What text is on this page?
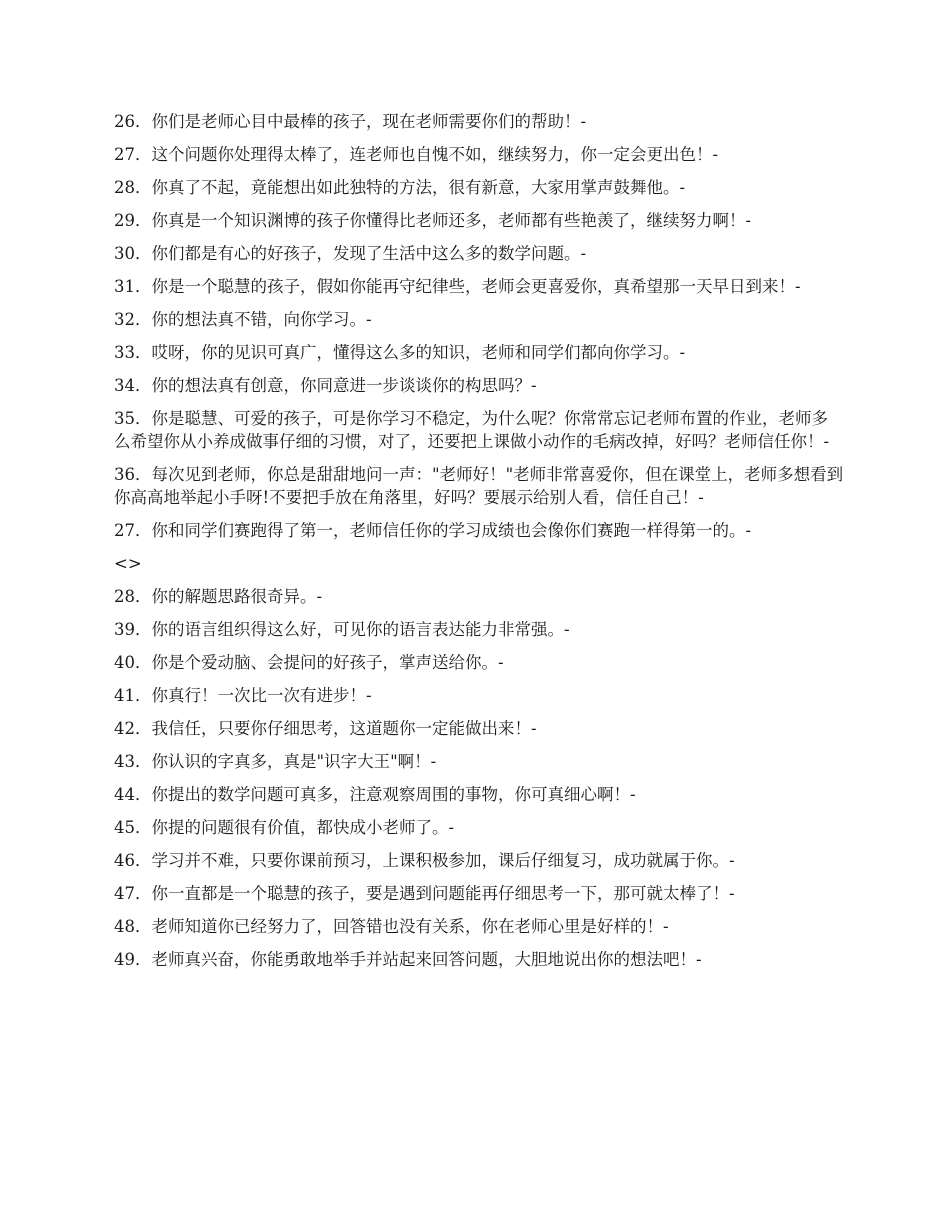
26．你们是老师心目中最棒的孩子，现在老师需要你们的帮助！-

27．这个问题你处理得太棒了，连老师也自愧不如，继续努力，你一定会更出色！-

28．你真了不起，竟能想出如此独特的方法，很有新意，大家用掌声鼓舞他。-

29．你真是一个知识渊博的孩子你懂得比老师还多，老师都有些艳羡了，继续努力啊！-

30．你们都是有心的好孩子，发现了生活中这么多的数学问题。-

31．你是一个聪慧的孩子，假如你能再守纪律些，老师会更喜爱你，真希望那一天早日到来！-

32．你的想法真不错，向你学习。-

33．哎呀，你的见识可真广，懂得这么多的知识，老师和同学们都向你学习。-

34．你的想法真有创意，你同意进一步谈谈你的构思吗？-

35．你是聪慧、可爱的孩子，可是你学习不稳定，为什么呢？你常常忘记老师布置的作业，老师多么希望你从小养成做事仔细的习惯，对了，还要把上课做小动作的毛病改掉，好吗？老师信任你！-

36．每次见到老师，你总是甜甜地问一声："老师好！"老师非常喜爱你，但在课堂上，老师多想看到你高高地举起小手呀!不要把手放在角落里，好吗？要展示给别人看，信任自己！-

27．你和同学们赛跑得了第一，老师信任你的学习成绩也会像你们赛跑一样得第一的。-

<>

28．你的解题思路很奇异。-

39．你的语言组织得这么好，可见你的语言表达能力非常强。-

40．你是个爱动脑、会提问的好孩子，掌声送给你。-

41．你真行！一次比一次有进步！-

42．我信任，只要你仔细思考，这道题你一定能做出来！-

43．你认识的字真多，真是"识字大王"啊！-

44．你提出的数学问题可真多，注意观察周围的事物，你可真细心啊！-

45．你提的问题很有价值，都快成小老师了。-

46．学习并不难，只要你课前预习，上课积极参加，课后仔细复习，成功就属于你。-

47．你一直都是一个聪慧的孩子，要是遇到问题能再仔细思考一下，那可就太棒了！-

48．老师知道你已经努力了，回答错也没有关系，你在老师心里是好样的！-

49．老师真兴奋，你能勇敢地举手并站起来回答问题，大胆地说出你的想法吧！-
